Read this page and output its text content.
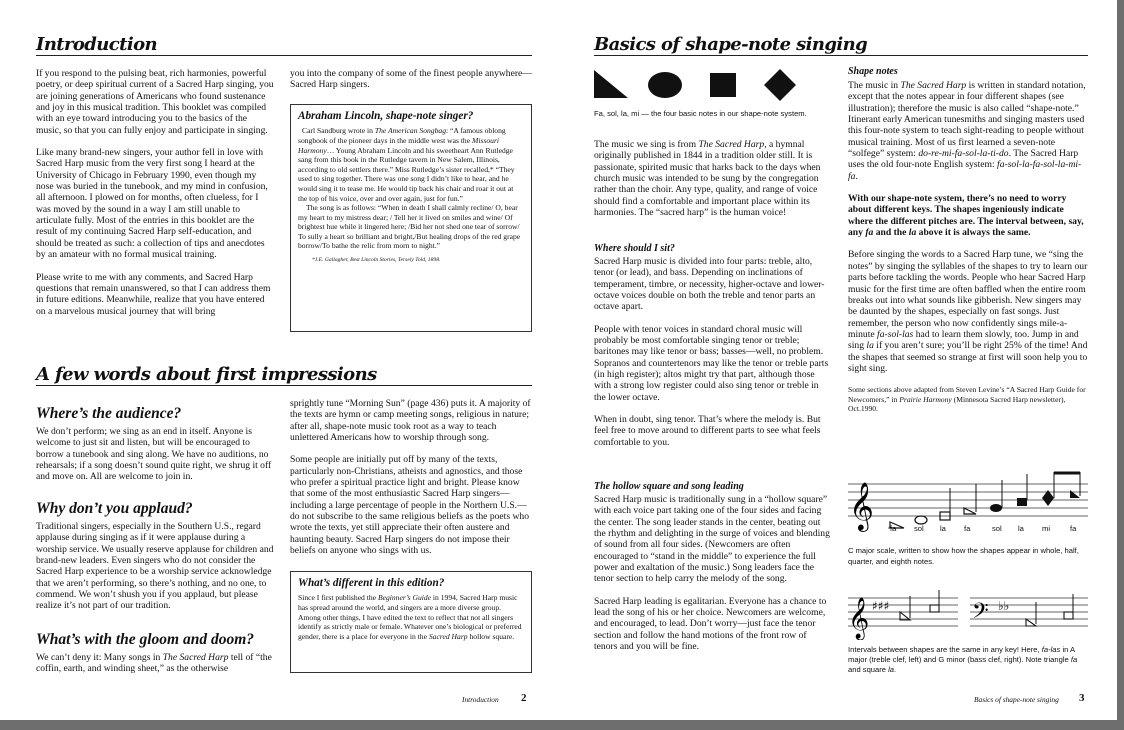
Introduction

If you respond to the pulsing beat, rich harmonies, powerful poetry, or deep spiritual current of a Sacred Harp singing, you are joining generations of Americans who found sustenance and joy in this musical tradition. This booklet was compiled with an eye toward introducing you to the basics of the music, so that you can fully enjoy and participate in singing.

Like many brand-new singers, your author fell in love with Sacred Harp music from the very first song I heard at the University of Chicago in February 1990, even though my nose was buried in the tunebook, and my mind in confusion, all afternoon. I plowed on for months, often clueless, for I was moved by the sound in a way I am still unable to articulate fully. Most of the entries in this booklet are the result of my continuing Sacred Harp self-education, and should be treated as such: a collection of tips and anecdotes by an amateur with no formal musical training.

Please write to me with any comments, and Sacred Harp questions that remain unanswered, so that I can address them in future editions. Meanwhile, realize that you have entered on a marvelous musical journey that will bring

you into the company of some of the finest people anywhere—Sacred Harp singers.

Abraham Lincoln, shape-note singer?
Carl Sandburg wrote in The American Songbag: “A famous oblong songbook of the pioneer days in the middle west was the Missouri Harmony… Young Abraham Lincoln and his sweetheart Ann Rutledge sang from this book in the Rutledge tavern in New Salem, Illinois, according to old settlers there.” Miss Rutledge’s sister recalled,* “They used to sing together. There was one song I didn’t like to hear, and he would sing it to tease me. He would tip back his chair and roar it out at the top of his voice, over and over again, just for fun.”
The song is as follows: “When in death I shall calmly recline/ O, bear my heart to my mistress dear; / Tell her it lived on smiles and wine/ Of brightest hue while it lingered here; /Bid her not shed one tear of sorrow/ To sully a heart so brilliant and bright,/But healing drops of the red grape borrow/To bathe the relic from morn to night.”
*J.E. Gallagher, Best Lincoln Stories, Tersely Told, 1898.
A few words about first impressions
Where’s the audience?
We don’t perform; we sing as an end in itself. Anyone is welcome to just sit and listen, but will be encouraged to borrow a tunebook and sing along. We have no auditions, no rehearsals; if a song doesn’t sound quite right, we shrug it off and move on. All are welcome to join in.
Why don’t you applaud?
Traditional singers, especially in the Southern U.S., regard applause during singing as if it were applause during a worship service. We usually reserve applause for children and brand-new leaders. Even singers who do not consider the Sacred Harp experience to be a worship service acknowledge that we aren’t performing, so there’s nothing, and no one, to commend. We won’t shush you if you applaud, but please realize it’s not part of our tradition.
What’s with the gloom and doom?
We can’t deny it: Many songs in The Sacred Harp tell of “the coffin, earth, and winding sheet,” as the otherwise

sprightly tune “Morning Sun” (page 436) puts it. A majority of the texts are hymn or camp meeting songs, religious in nature; after all, shape-note music took root as a way to teach unlettered Americans how to worship through song.

Some people are initially put off by many of the texts, particularly non-Christians, atheists and agnostics, and those who prefer a spiritual practice light and bright. Please know that some of the most enthusiastic Sacred Harp singers—including a large percentage of people in the Northern U.S.—do not subscribe to the same religious beliefs as the poets who wrote the texts, yet still appreciate their often austere and haunting beauty. Sacred Harp singers do not impose their beliefs on anyone who sings with us.

What’s different in this edition?
Since I first published the Beginner’s Guide in 1994, Sacred Harp music has spread around the world, and singers are a more diverse group. Among other things, I have edited the text to reflect that not all singers identify as strictly male or female. Whatever one’s biological or preferred gender, there is a place for everyone in the Sacred Harp hollow square.
Introduction 2
Basics of shape-note singing
Fa, sol, la, mi — the four basic notes in our shape-note system.
The music we sing is from The Sacred Harp, a hymnal originally published in 1844 in a tradition older still. It is passionate, spirited music that harks back to the days when church music was intended to be sung by the congregation rather than the choir. Any type, quality, and range of voice should find a comfortable and important place within its harmonies. The “sacred harp” is the human voice!
Where should I sit?

Sacred Harp music is divided into four parts: treble, alto, tenor (or lead), and bass. Depending on inclinations of temperament, timbre, or necessity, higher-octave and lower-octave voices double on both the treble and tenor parts an octave apart.

People with tenor voices in standard choral music will probably be most comfortable singing tenor or treble; baritones may like tenor or bass; basses—well, no problem. Sopranos and countertenors may like the tenor or treble parts (in high register); altos might try that part, although those with a strong low register could also sing tenor or treble in the lower octave.

When in doubt, sing tenor. That’s where the melody is. But feel free to move around to different parts to see what feels comfortable to you.

The hollow square and song leading

Sacred Harp music is traditionally sung in a “hollow square” with each voice part taking one of the four sides and facing the center. The song leader stands in the center, beating out the rhythm and delighting in the surge of voices and blending of sound from all four sides. (Newcomers are often encouraged to “stand in the middle” to experience the full power and exaltation of the music.) Song leaders face the tenor section to help carry the melody of the song.

Sacred Harp leading is egalitarian. Everyone has a chance to lead the song of his or her choice. Newcomers are welcome, and encouraged, to lead. Don’t worry—just face the tenor section and follow the hand motions of the front row of tenors and you will be fine.

Shape notes

The music in The Sacred Harp is written in standard notation, except that the notes appear in four different shapes (see illustration); therefore the music is also called “shape-note.” Itinerant early American tunesmiths and singing masters used this four-note system to teach sight-reading to people without musical training. Most of us first learned a seven-note “solfege” system: do-re-mi-fa-sol-la-ti-do. The Sacred Harp uses the old four-note English system: fa-sol-la-fa-sol-la-mi-fa.

With our shape-note system, there’s no need to worry about different keys. The shapes ingeniously indicate where the different pitches are. The interval between, say, any fa and the la above it is always the same.

Before singing the words to a Sacred Harp tune, we “sing the notes” by singing the syllables of the shapes to try to learn our parts before tackling the words. People who hear Sacred Harp music for the first time are often baffled when the entire room breaks out into what sounds like gibberish. New singers may be daunted by the shapes, especially on fast songs. Just remember, the person who now confidently sings mile-a-minute fa-sol-las had to learn them slowly, too. Jump in and sing la if you aren’t sure; you’ll be right 25% of the time! And the shapes that seemed so strange at first will soon help you to sight sing.

Some sections above adapted from Steven Levine’s “A Sacred Harp Guide for Newcomers,” in Prairie Harmony (Minnesota Sacred Harp newsletter), Oct.1990.

𝄞 fa sol la fa	sol la mi	fa
C major scale, written to show how the shapes appear in whole, half, quarter, and eighth notes.
𝄞 ♯♯♯	𝄢 ♭♭
Intervals between shapes are the same in any key! Here, fa-las in A major (treble clef, left) and G minor (bass clef, right). Note triangle fa and square la.
Basics of shape-note singing 3
